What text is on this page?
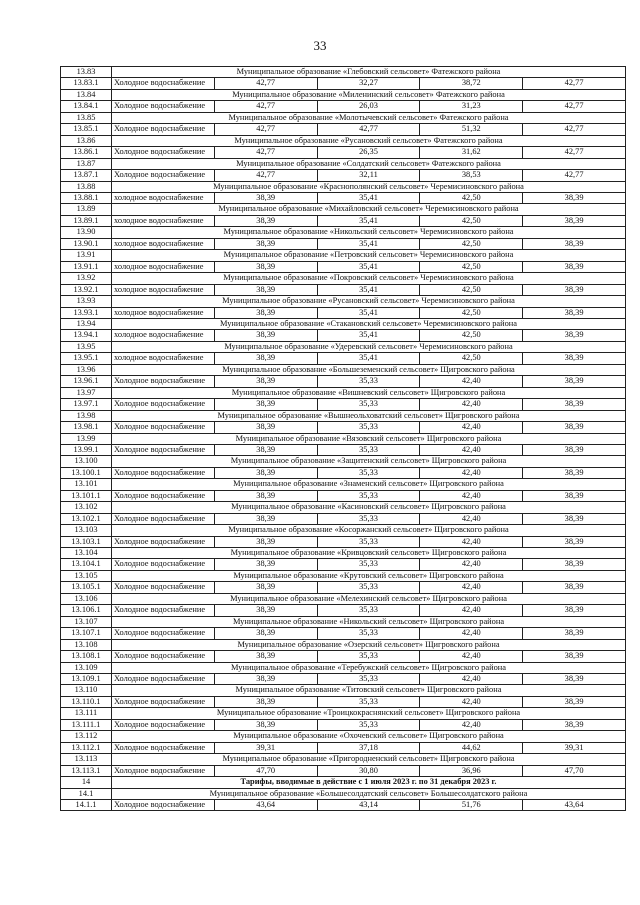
33
13.83	Муниципальное образование «Глебовский сельсовет» Фатежского района				
13.83.1	Холодное водоснабжение	42,77	32,27	38,72	42,77
13.84	Муниципальное образование «Миленинский сельсовет» Фатежского района				
13.84.1	Холодное водоснабжение	42,77	26,03	31,23	42,77
13.85	Муниципальное образование «Молотычевский сельсовет» Фатежского района				
13.85.1	Холодное водоснабжение	42,77	42,77	51,32	42,77
13.86	Муниципальное образование «Русановский сельсовет» Фатежского района				
13.86.1	Холодное водоснабжение	42,77	26,35	31,62	42,77
13.87	Муниципальное образование «Солдатский сельсовет» Фатежского района				
13.87.1	Холодное водоснабжение	42,77	32,11	38,53	42,77
13.88	Муниципальное образование «Краснополянский сельсовет» Черемисиновского района				
13.88.1	холодное водоснабжение	38,39	35,41	42,50	38,39
13.89	Муниципальное образование «Михайловский сельсовет» Черемисиновского района				
13.89.1	холодное водоснабжение	38,39	35,41	42,50	38,39
13.90	Муниципальное образование «Никольский сельсовет» Черемисиновского района				
13.90.1	холодное водоснабжение	38,39	35,41	42,50	38,39
13.91	Муниципальное образование «Петровский сельсовет» Черемисиновского района				
13.91.1	холодное водоснабжение	38,39	35,41	42,50	38,39
13.92	Муниципальное образование «Покровский сельсовет» Черемисиновского района				
13.92.1	холодное водоснабжение	38,39	35,41	42,50	38,39
13.93	Муниципальное образование «Русановский сельсовет» Черемисиновского района				
13.93.1	холодное водоснабжение	38,39	35,41	42,50	38,39
13.94	Муниципальное образование «Стакановский сельсовет» Черемисиновского района				
13.94.1	холодное водоснабжение	38,39	35,41	42,50	38,39
13.95	Муниципальное образование «Удеревский сельсовет» Черемисиновского района				
13.95.1	холодное водоснабжение	38,39	35,41	42,50	38,39
13.96	Муниципальное образование «Большеземенский сельсовет» Щигровского района				
13.96.1	Холодное водоснабжение	38,39	35,33	42,40	38,39
13.97	Муниципальное образование «Вишневский сельсовет» Щигровского района				
13.97.1	Холодное водоснабжение	38,39	35,33	42,40	38,39
13.98	Муниципальное образование «Вышнеольховатский сельсовет» Щигровского района				
13.98.1	Холодное водоснабжение	38,39	35,33	42,40	38,39
13.99	Муниципальное образование «Вязовский сельсовет» Щигровского района				
13.99.1	Холодное водоснабжение	38,39	35,33	42,40	38,39
13.100	Муниципальное образование «Защитенский сельсовет» Щигровского района				
13.100.1	Холодное водоснабжение	38,39	35,33	42,40	38,39
13.101	Муниципальное образование «Знаменский сельсовет» Щигровского района				
13.101.1	Холодное водоснабжение	38,39	35,33	42,40	38,39
13.102	Муниципальное образование «Касиновский сельсовет» Щигровского района				
13.102.1	Холодное водоснабжение	38,39	35,33	42,40	38,39
13.103	Муниципальное образование «Косоржанский сельсовет» Щигровского района				
13.103.1	Холодное водоснабжение	38,39	35,33	42,40	38,39
13.104	Муниципальное образование «Кривцовский сельсовет» Щигровского района				
13.104.1	Холодное водоснабжение	38,39	35,33	42,40	38,39
13.105	Муниципальное образование «Крутовский сельсовет» Щигровского района				
13.105.1	Холодное водоснабжение	38,39	35,33	42,40	38,39
13.106	Муниципальное образование «Мелехинский сельсовет» Щигровского района				
13.106.1	Холодное водоснабжение	38,39	35,33	42,40	38,39
13.107	Муниципальное образование «Никольский сельсовет» Щигровского района				
13.107.1	Холодное водоснабжение	38,39	35,33	42,40	38,39
13.108	Муниципальное образование «Озерский сельсовет» Щигровского района				
13.108.1	Холодное водоснабжение	38,39	35,33	42,40	38,39
13.109	Муниципальное образование «Теребужский сельсовет» Щигровского района				
13.109.1	Холодное водоснабжение	38,39	35,33	42,40	38,39
13.110	Муниципальное образование «Титовский сельсовет» Щигровского района				
13.110.1	Холодное водоснабжение	38,39	35,33	42,40	38,39
13.111	Муниципальное образование «Троицкокраснянский сельсовет» Щигровского района				
13.111.1	Холодное водоснабжение	38,39	35,33	42,40	38,39
13.112	Муниципальное образование «Охочевский сельсовет» Щигровского района				
13.112.1	Холодное водоснабжение	39,31	37,18	44,62	39,31
13.113	Муниципальное образование «Пригородненский сельсовет» Щигровского района				
13.113.1	Холодное водоснабжение	47,70	30,80	36,96	47,70
14	Тарифы, вводимые в действие с 1 июля 2023 г. по 31 декабря 2023 г.				
14.1	Муниципальное образование «Большесолдатский сельсовет» Большесолдатского района				
14.1.1	Холодное водоснабжение	43,64	43,14	51,76	43,64
